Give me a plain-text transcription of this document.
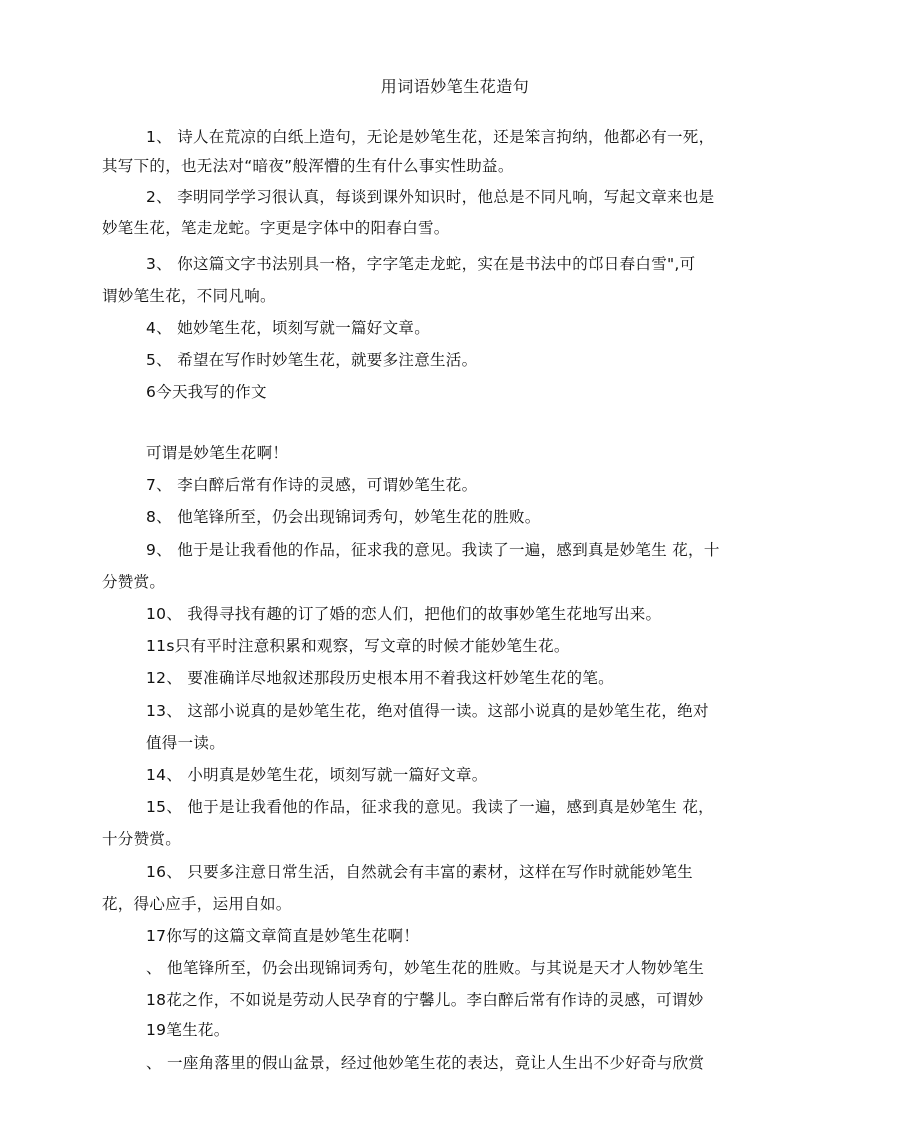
用词语妙笔生花造句
1、 诗人在荒凉的白纸上造句，无论是妙笔生花，还是笨言拘纳，他都必有一死，
其写下的，也无法对“暗夜”般浑懵的生有什么事实性助益。
2、 李明同学学习很认真，每谈到课外知识时，他总是不同凡响，写起文章来也是
妙笔生花，笔走龙蛇。字更是字体中的阳春白雪。
3、 你这篇文字书法别具一格，字字笔走龙蛇，实在是书法中的邙日春白雪",可
谓妙笔生花，不同凡响。
4、 她妙笔生花，顷刻写就一篇好文章。
5、 希望在写作时妙笔生花，就要多注意生活。
6今天我写的作文
可谓是妙笔生花啊！
7、 李白醉后常有作诗的灵感，可谓妙笔生花。
8、 他笔锋所至，仍会出现锦词秀句，妙笔生花的胜败。
9、 他于是让我看他的作品，征求我的意见。我读了一遍，感到真是妙笔生 花，十
分赞赏。
10、 我得寻找有趣的订了婚的恋人们，把他们的故事妙笔生花地写出来。
11s只有平时注意积累和观察，写文章的时候才能妙笔生花。
12、 要准确详尽地叙述那段历史根本用不着我这杆妙笔生花的笔。
13、 这部小说真的是妙笔生花，绝对值得一读。这部小说真的是妙笔生花，绝对
值得一读。
14、 小明真是妙笔生花，顷刻写就一篇好文章。
15、 他于是让我看他的作品，征求我的意见。我读了一遍，感到真是妙笔生 花，
十分赞赏。
16、 只要多注意日常生活，自然就会有丰富的素材，这样在写作时就能妙笔生
花，得心应手，运用自如。
17你写的这篇文章简直是妙笔生花啊！
、 他笔锋所至，仍会出现锦词秀句，妙笔生花的胜败。与其说是天才人物妙笔生
18花之作，不如说是劳动人民孕育的宁馨儿。李白醉后常有作诗的灵感，可谓妙
19笔生花。
、 一座角落里的假山盆景，经过他妙笔生花的表达，竟让人生出不少好奇与欣赏
